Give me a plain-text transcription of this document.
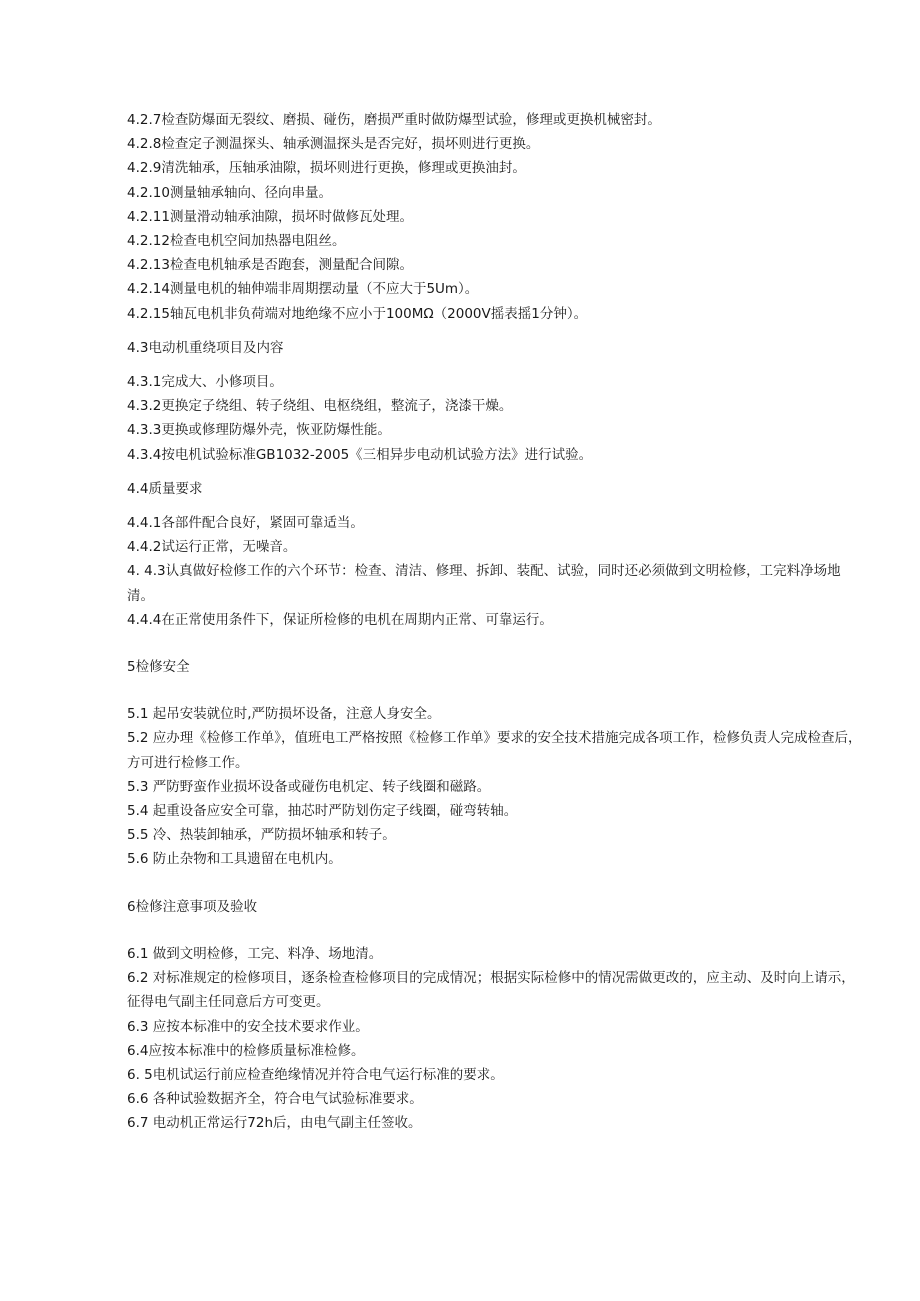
4.2.7检查防爆面无裂纹、磨损、碰伤，磨损严重时做防爆型试验，修理或更换机械密封。
4.2.8检查定子测温探头、轴承测温探头是否完好，损坏则进行更换。
4.2.9清洗轴承，压轴承油隙，损坏则进行更换，修理或更换油封。
4.2.10测量轴承轴向、径向串量。
4.2.11测量滑动轴承油隙，损坏时做修瓦处理。
4.2.12检查电机空间加热器电阻丝。
4.2.13检查电机轴承是否跑套，测量配合间隙。
4.2.14测量电机的轴伸端非周期摆动量（不应大于5Um）。
4.2.15轴瓦电机非负荷端对地绝缘不应小于100MΩ（2000V摇表摇1分钟）。
4.3电动机重绕项目及内容
4.3.1完成大、小修项目。
4.3.2更换定子绕组、转子绕组、电枢绕组，整流子，浇漆干燥。
4.3.3更换或修理防爆外壳，恢亚防爆性能。
4.3.4按电机试验标准GB1032-2005《三相异步电动机试验方法》进行试验。
4.4质量要求
4.4.1各部件配合良好，紧固可靠适当。
4.4.2试运行正常，无噪音。
4. 4.3认真做好检修工作的六个环节：检查、清洁、修理、拆卸、装配、试验，同时还必须做到文明检修，工完料净场地清。
4.4.4在正常使用条件下，保证所检修的电机在周期内正常、可靠运行。
5检修安全
5.1 起吊安装就位时,严防损坏设备，注意人身安全。
5.2 应办理《检修工作单》，值班电工严格按照《检修工作单》要求的安全技术措施完成各项工作，检修负责人完成检查后，方可进行检修工作。
5.3 严防野蛮作业损坏设备或碰伤电机定、转子线圈和磁路。
5.4 起重设备应安全可靠，抽芯时严防划伤定子线圈，碰弯转轴。
5.5 冷、热装卸轴承，严防损坏轴承和转子。
5.6 防止杂物和工具遗留在电机内。
6检修注意事项及验收
6.1 做到文明检修，工完、料净、场地清。
6.2 对标准规定的检修项目，逐条检查检修项目的完成情况；根据实际检修中的情况需做更改的，应主动、及时向上请示，征得电气副主任同意后方可变更。
6.3 应按本标准中的安全技术要求作业。
6.4应按本标准中的检修质量标准检修。
6. 5电机试运行前应检查绝缘情况并符合电气运行标准的要求。
6.6 各种试验数据齐全，符合电气试验标准要求。
6.7 电动机正常运行72h后，由电气副主任签收。
